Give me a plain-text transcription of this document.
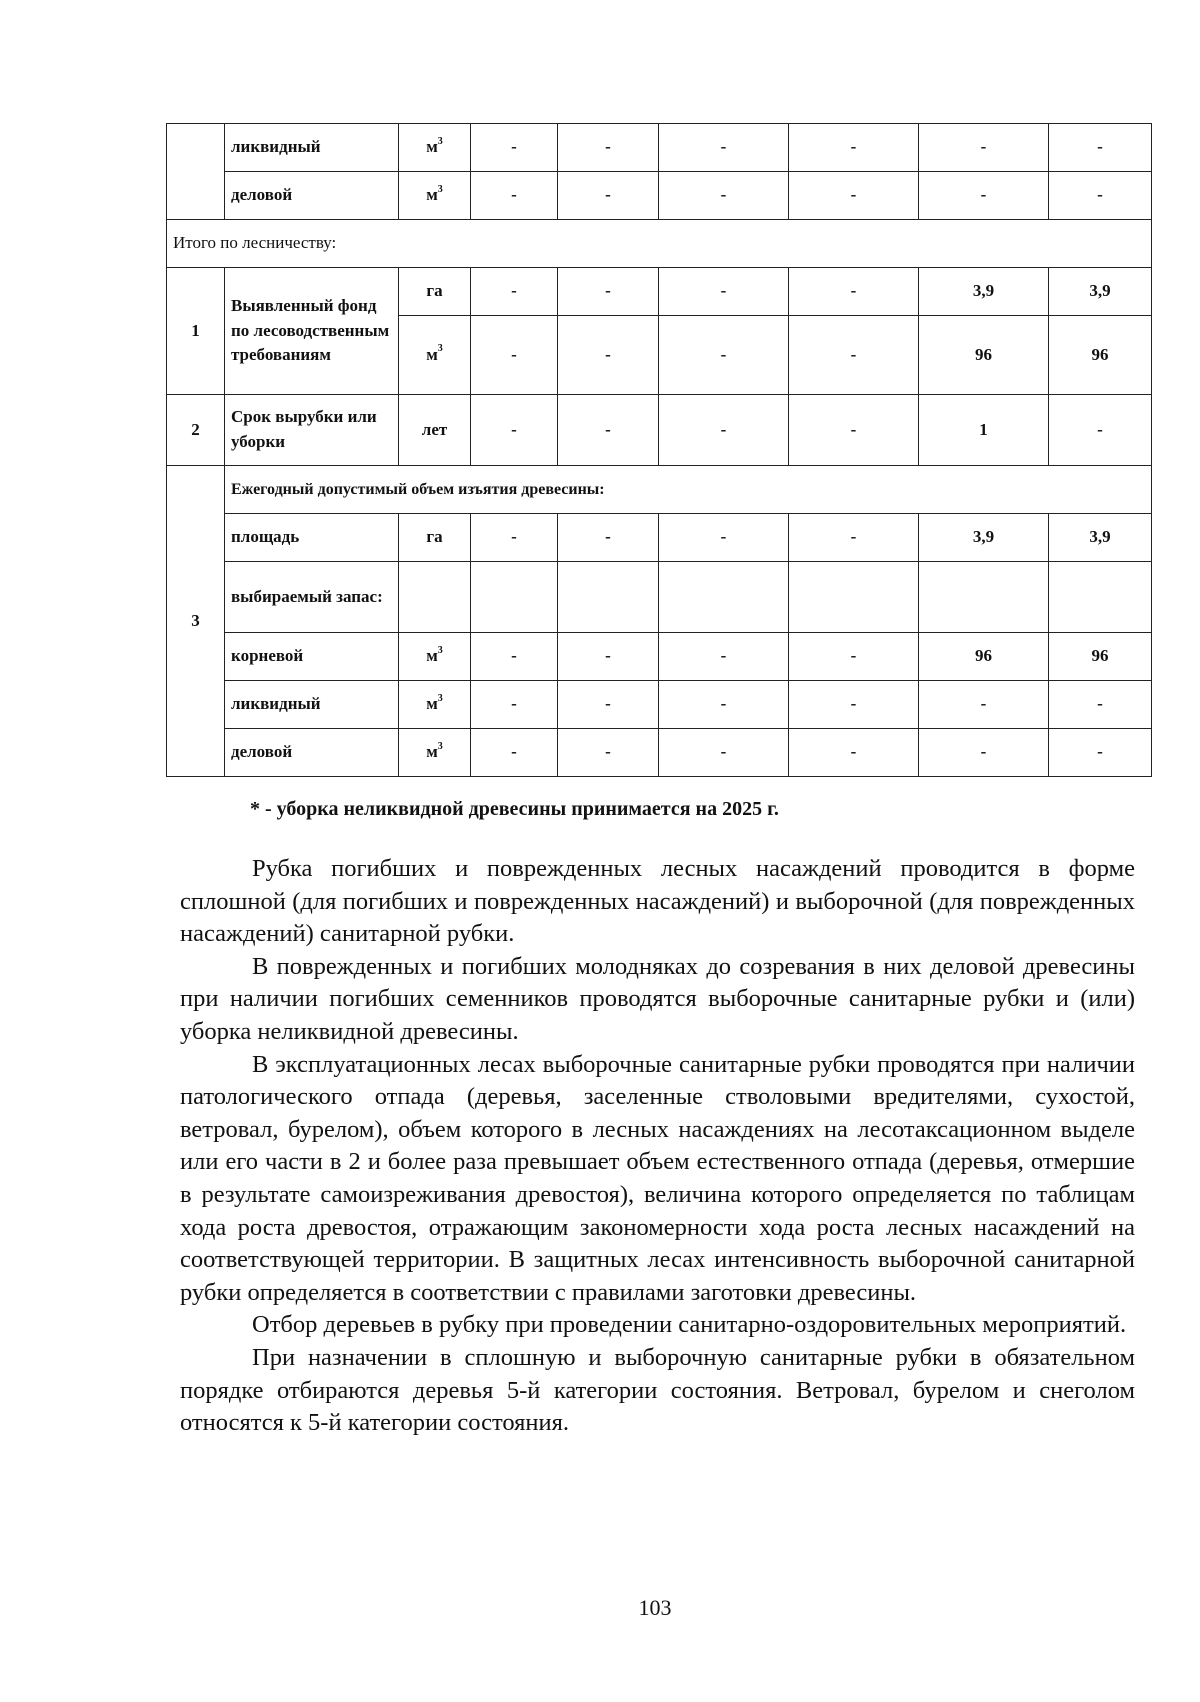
	ликвидный	$м^3$	-	-	-	-	-	-
	деловой	$м^3$	-	-	-	-	-	-
Итого по лесничеству:								
1	Выявленный фонд по лесоводственным требованиям	га	-	-	-	-	3,9	3,9
		$м^3$	-	-	-	-	96	96
2	Срок вырубки или уборки	лет	-	-	-	-	1	-
3	Ежегодный допустимый объем изъятия древесины:							
	площадь	га	-	-	-	-	3,9	3,9
	выбираемый запас:							
	корневой	$м^3$	-	-	-	-	96	96
	ликвидный	$м^3$	-	-	-	-	-	-
	деловой	$м^3$	-	-	-	-	-	-
* - уборка неликвидной древесины принимается на 2025 г.

Рубка погибших и поврежденных лесных насаждений проводится в форме сплошной (для погибших и поврежденных насаждений) и выборочной (для поврежденных насаждений) санитарной рубки.

В поврежденных и погибших молодняках до созревания в них деловой древесины при наличии погибших семенников проводятся выборочные санитарные рубки и (или) уборка неликвидной древесины.

В эксплуатационных лесах выборочные санитарные рубки проводятся при наличии патологического отпада (деревья, заселенные стволовыми вредителями, сухостой, ветровал, бурелом), объем которого в лесных насаждениях на лесотаксационном выделе или его части в 2 и более раза превышает объем естественного отпада (деревья, отмершие в результате самоизреживания древостоя), величина которого определяется по таблицам хода роста древостоя, отражающим закономерности хода роста лесных насаждений на соответствующей территории. В защитных лесах интенсивность выборочной санитарной рубки определяется в соответствии с правилами заготовки древесины.

Отбор деревьев в рубку при проведении санитарно-оздоровительных мероприятий.

При назначении в сплошную и выборочную санитарные рубки в обязательном порядке отбираются деревья 5-й категории состояния. Ветровал, бурелом и снеголом относятся к 5-й категории состояния.

103
